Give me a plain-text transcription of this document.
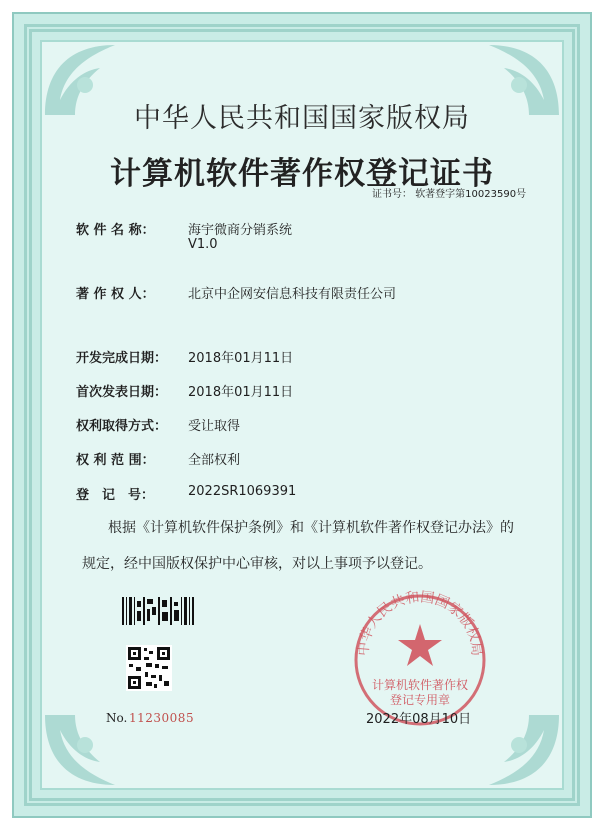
中华人民共和国国家版权局
计算机软件著作权登记证书
证书号： 软著登字第10023590号
软 件 名 称：	海宇微商分销系统
V1.0
著 作 权 人：	北京中企网安信息科技有限责任公司
开发完成日期：	2018年01月11日
首次发表日期：	2018年01月11日
权利取得方式：	受让取得
权 利 范 围：	全部权利
登　记　号：	2022SR1069391
根据《计算机软件保护条例》和《计算机软件著作权登记办法》的
规定，经中国版权保护中心审核，对以上事项予以登记。
No. 11230085
中华人民共和国国家版权局
计算机软件著作权
登记专用章
2022年08月10日
